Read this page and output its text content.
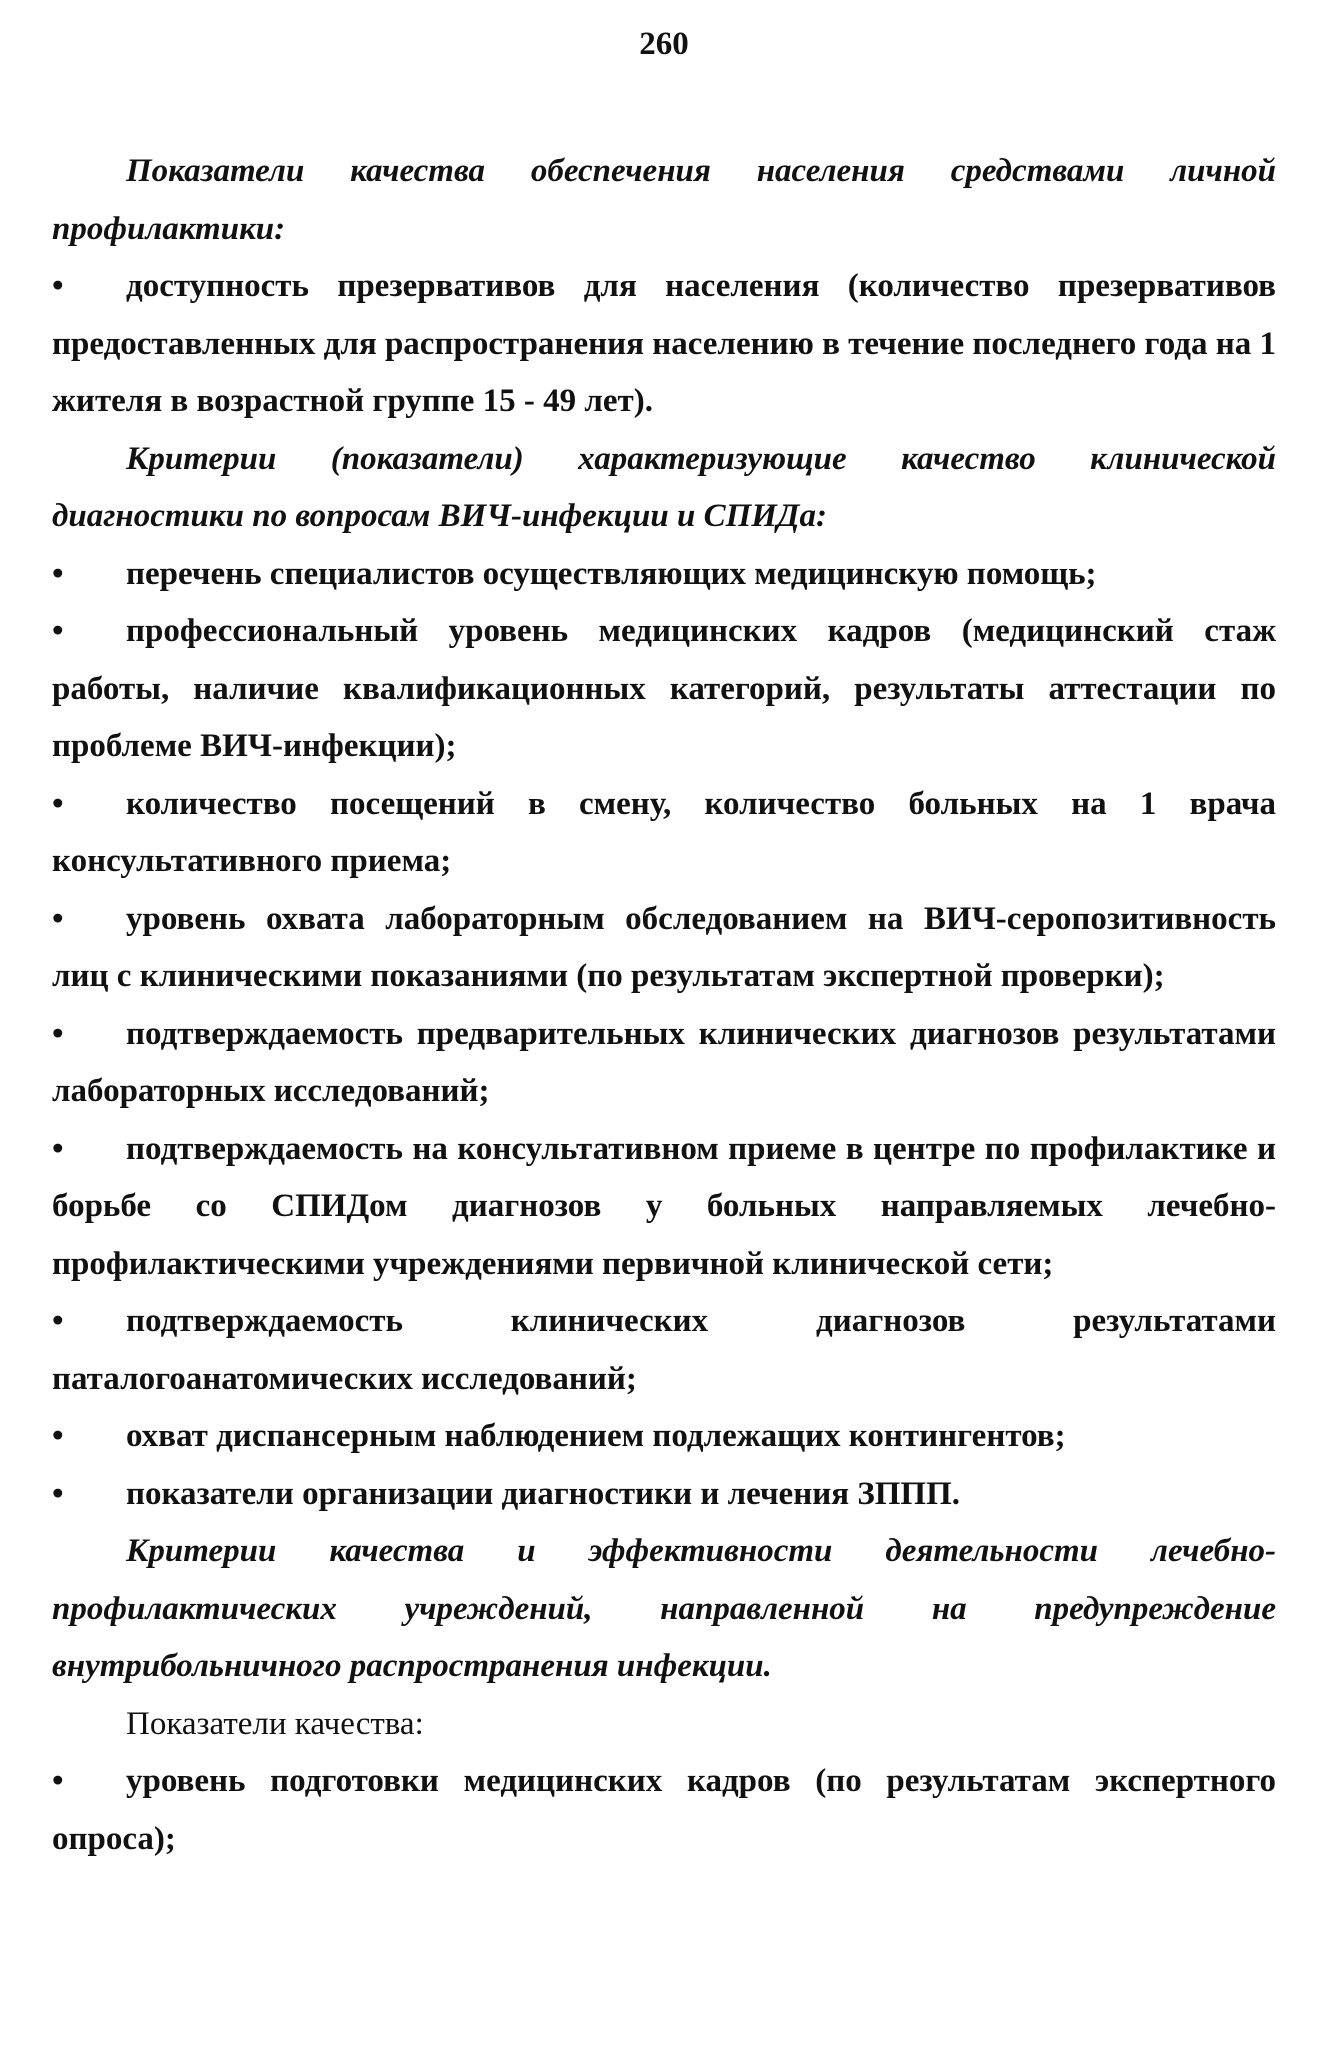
260

Показатели качества обеспечения населения средствами личной профилактики:

• доступность презервативов для населения (количество презервативов предоставленных для распространения населению в течение последнего года на 1 жителя в возрастной группе 15 - 49 лет).

Критерии (показатели) характеризующие качество клинической диагностики по вопросам ВИЧ-инфекции и СПИДа:

• перечень специалистов осуществляющих медицинскую помощь;

• профессиональный уровень медицинских кадров (медицинский стаж работы, наличие квалификационных категорий, результаты аттестации по проблеме ВИЧ-инфекции);

• количество посещений в смену, количество больных на 1 врача консультативного приема;

• уровень охвата лабораторным обследованием на ВИЧ-серопозитивность лиц с клиническими показаниями (по результатам экспертной проверки);

• подтверждаемость предварительных клинических диагнозов результатами лабораторных исследований;

• подтверждаемость на консультативном приеме в центре по профилактике и борьбе со СПИДом диагнозов у больных направляемых лечебно-профилактическими учреждениями первичной клинической сети;

• подтверждаемость клинических диагнозов результатами паталогоанатомических исследований;

• охват диспансерным наблюдением подлежащих контингентов;

• показатели организации диагностики и лечения ЗППП.

Критерии качества и эффективности деятельности лечебно-профилактических учреждений, направленной на предупреждение внутрибольничного распространения инфекции.

Показатели качества:

• уровень подготовки медицинских кадров (по результатам экспертного опроса);
